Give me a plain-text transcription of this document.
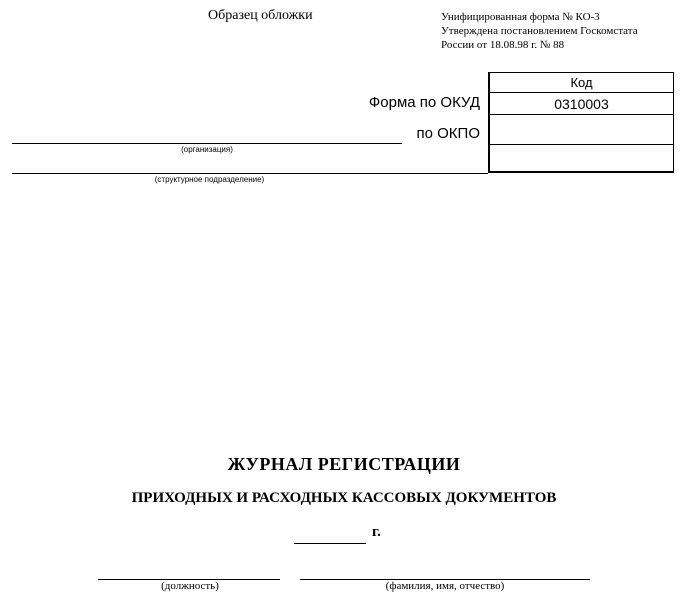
Образец обложки	Унифицированная форма № КО-3
Утверждена постановлением Госкомстата
России от 18.08.98 г. № 88
Код
0310003
Форма по ОКУД
по ОКПО
(организация)
(структурное подразделение)
ЖУРНАЛ РЕГИСТРАЦИИ
ПРИХОДНЫХ И РАСХОДНЫХ КАССОВЫХ ДОКУМЕНТОВ
г.
(должность)	(фамилия, имя, отчество)
